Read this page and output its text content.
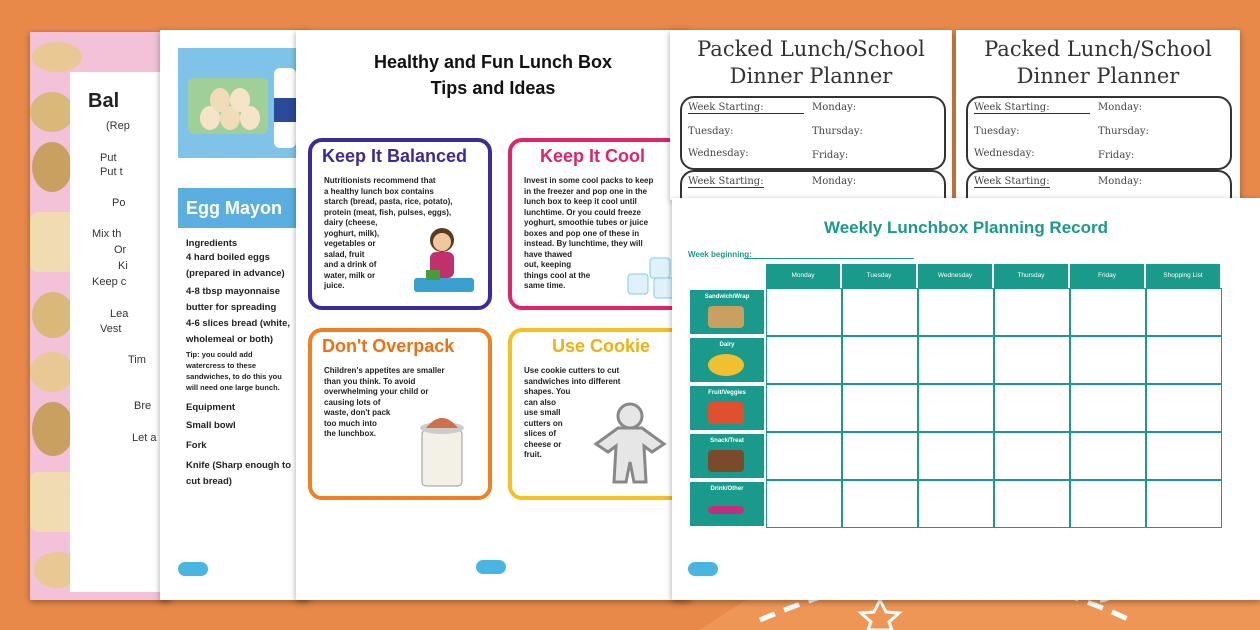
Bal
(Rep
Put
Put t
Po
Mix th
Or
Ki
Keep c
Lea
Vest
Tim
Bre
Let a
Egg Mayon
Ingredients
4 hard boiled eggs
(prepared in advance)
4-8 tbsp mayonnaise
butter for spreading
4-6 slices bread (white,
wholemeal or both)
Tip: you could add
watercress to these
sandwiches, to do this you
will need one large bunch.
Equipment
Small bowl
Fork
Knife (Sharp enough to
cut bread)
Healthy and Fun Lunch Box
Tips and Ideas
Keep It Balanced
Nutritionists recommend that
a healthy lunch box contains
starch (bread, pasta, rice, potato),
protein (meat, fish, pulses, eggs),
dairy (cheese,
yoghurt, milk),
vegetables or
salad, fruit
and a drink of
water, milk or
juice.
Keep It Cool
Invest in some cool packs to keep
in the freezer and pop one in the
lunch box to keep it cool until
lunchtime. Or you could freeze
yoghurt, smoothie tubes or juice
boxes and pop one of these in
instead. By lunchtime, they will
have thawed
out, keeping
things cool at the
same time.
Don't Overpack
Children's appetites are smaller
than you think. To avoid
overwhelming your child or
causing lots of
waste, don't pack
too much into
the lunchbox.
Use Cookie
Use cookie cutters to cut
sandwiches into different
shapes. You
can also
use small
cutters on
slices of
cheese or
fruit.
Packed Lunch/School
Dinner Planner
Week Starting:	Monday:
Tuesday:	Thursday:
Wednesday:	Friday:
Week Starting:	Monday:
Packed Lunch/School
Dinner Planner
Week Starting:	Monday:
Tuesday:	Thursday:
Wednesday:	Friday:
Week Starting:	Monday:
Weekly Lunchbox Planning Record
Week beginning:
Monday	Tuesday	Wednesday	Thursday	Friday	Shopping List
Sandwich/Wrap
Dairy
Fruit/Veggies
Snack/Treat
Drink/Other
